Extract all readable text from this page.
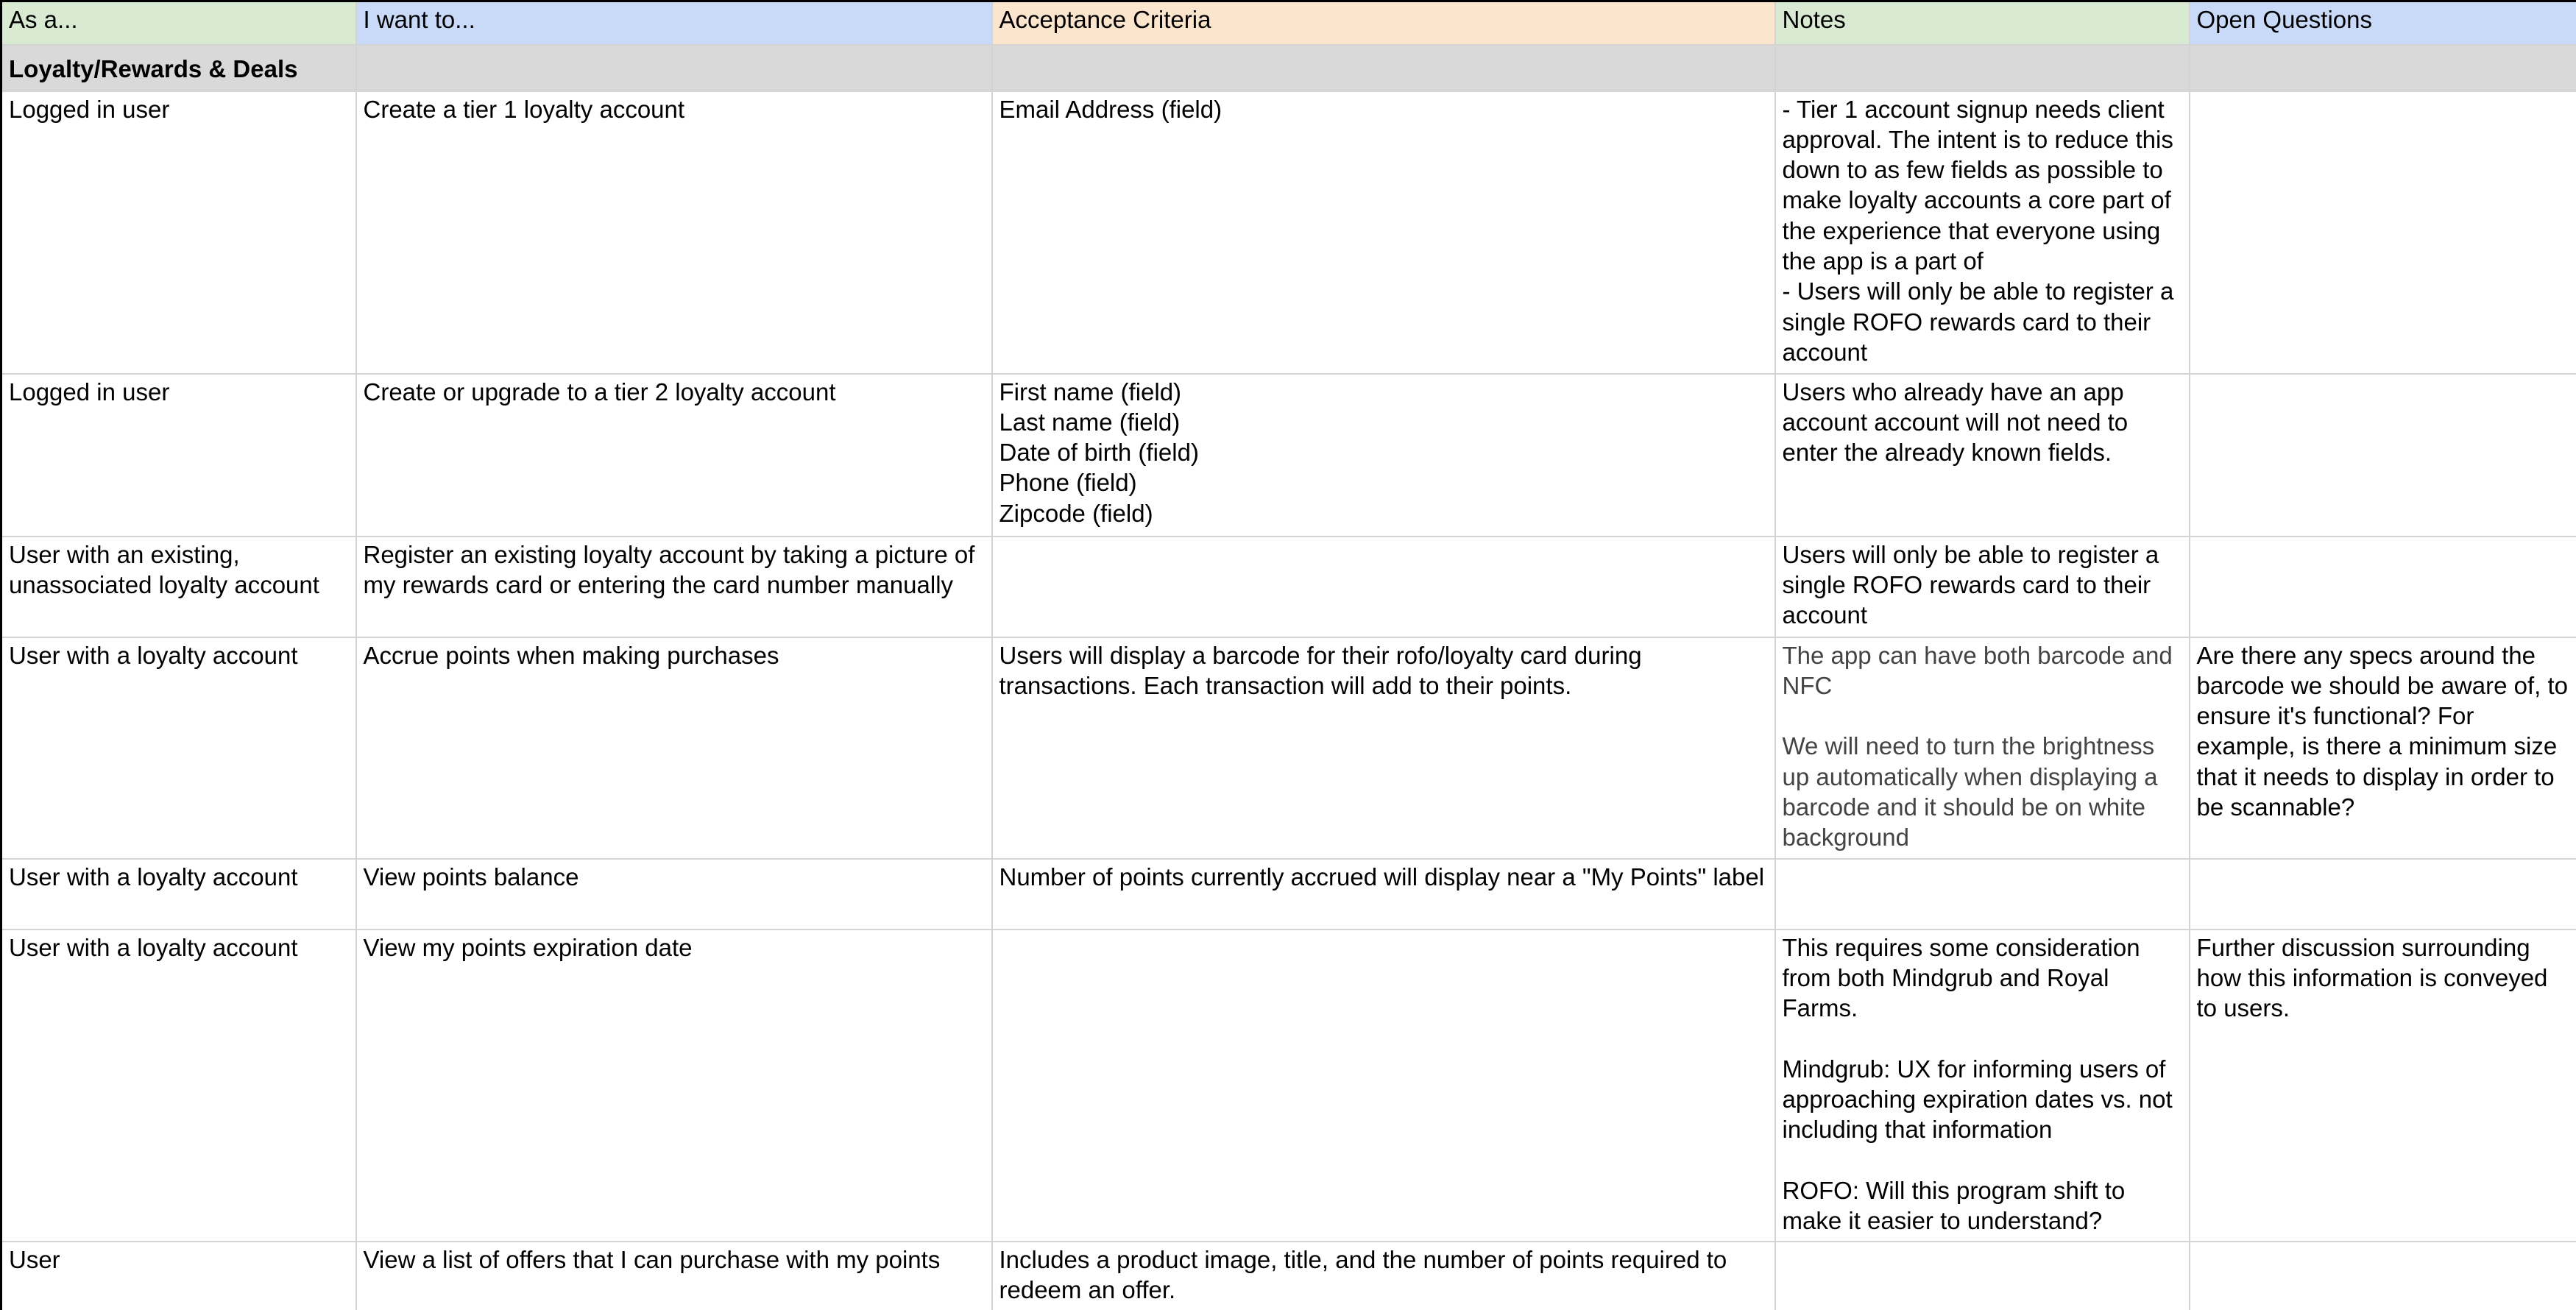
As a...	I want to...	Acceptance Criteria	Notes	Open Questions
Loyalty/Rewards & Deals				
Logged in user	Create a tier 1 loyalty account	Email Address (field)	- Tier 1 account signup needs client approval. The intent is to reduce this down to as few fields as possible to make loyalty accounts a core part of the experience that everyone using the app is a part of
- Users will only be able to register a single ROFO rewards card to their account	
Logged in user	Create or upgrade to a tier 2 loyalty account	First name (field)
Last name (field)
Date of birth (field)
Phone (field)
Zipcode (field)	Users who already have an app account account will not need to enter the already known fields.	
User with an existing, unassociated loyalty account	Register an existing loyalty account by taking a picture of my rewards card or entering the card number manually		Users will only be able to register a single ROFO rewards card to their account	
User with a loyalty account	Accrue points when making purchases	Users will display a barcode for their rofo/loyalty card during transactions. Each transaction will add to their points.	The app can have both barcode and NFC

We will need to turn the brightness up automatically when displaying a barcode and it should be on white background	Are there any specs around the barcode we should be aware of, to ensure it's functional? For example, is there a minimum size that it needs to display in order to be scannable?
User with a loyalty account	View points balance	Number of points currently accrued will display near a "My Points" label		
User with a loyalty account	View my points expiration date		This requires some consideration from both Mindgrub and Royal Farms.

Mindgrub: UX for informing users of approaching expiration dates vs. not including that information

ROFO: Will this program shift to make it easier to understand?	Further discussion surrounding how this information is conveyed to users.
User	View a list of offers that I can purchase with my points	Includes a product image, title, and the number of points required to redeem an offer.		
